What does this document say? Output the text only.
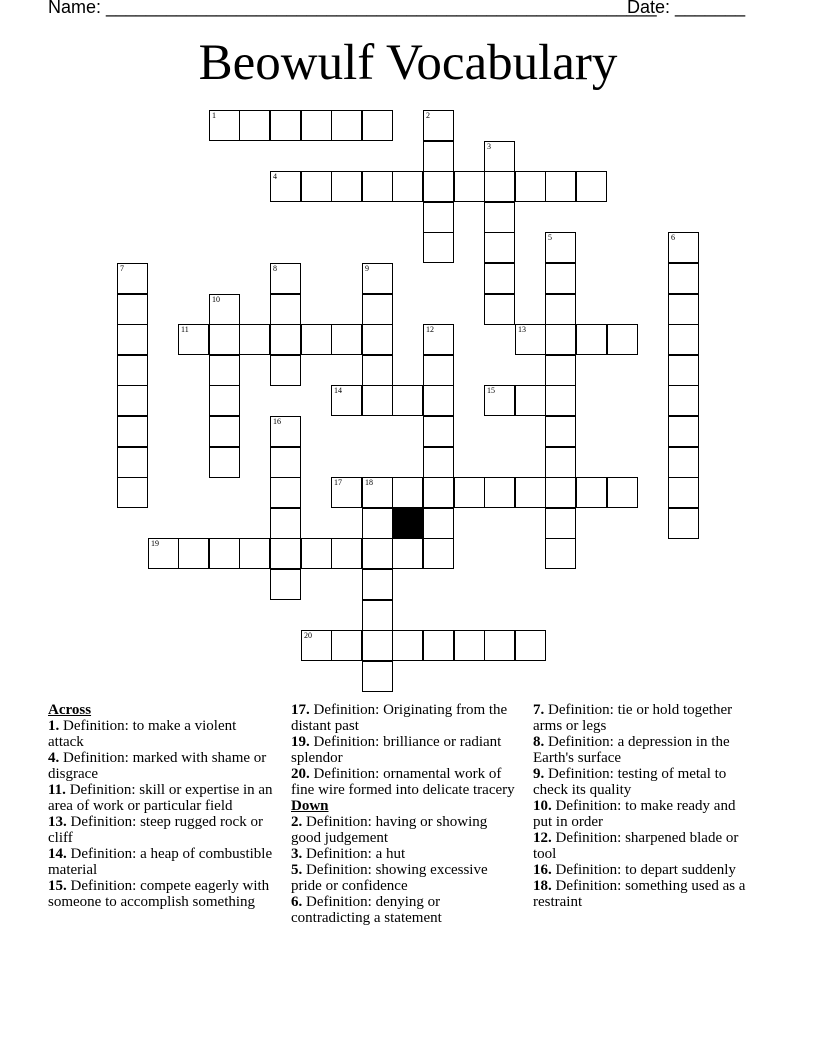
Name: _______________________________________________________
Date: _______
Beowulf Vocabulary
1	2
3
4
5	6
7	8	9
10
11	12	13
14	15
16
17	18
19
20
Across
1. Definition: to make a violent attack
4. Definition: marked with shame or disgrace
11. Definition: skill or expertise in an area of work or particular field
13. Definition: steep rugged rock or cliff
14. Definition: a heap of combustible material
15. Definition: compete eagerly with someone to accomplish something
17. Definition: Originating from the distant past
19. Definition: brilliance or radiant splendor
20. Definition: ornamental work of fine wire formed into delicate tracery
Down
2. Definition: having or showing good judgement
3. Definition: a hut
5. Definition: showing excessive pride or confidence
6. Definition: denying or contradicting a statement
7. Definition: tie or hold together arms or legs
8. Definition: a depression in the Earth's surface
9. Definition: testing of metal to check its quality
10. Definition: to make ready and put in order
12. Definition: sharpened blade or tool
16. Definition: to depart suddenly
18. Definition: something used as a restraint
